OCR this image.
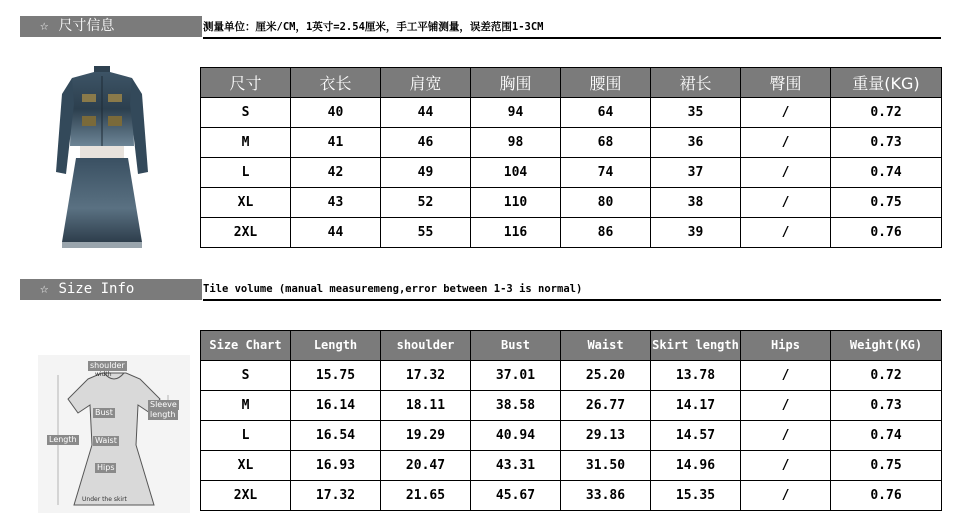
☆ 尺寸信息	测量单位：厘米/CM，1英寸=2.54厘米，手工平铺测量，误差范围1-3CM
尺寸	衣长	肩宽	胸围	腰围	裙长	臀围	重量(KG)
S	40	44	94	64	35	/	0.72
M	41	46	98	68	36	/	0.73
L	42	49	104	74	37	/	0.74
XL	43	52	110	80	38	/	0.75
2XL	44	55	116	86	39	/	0.76
☆ Size Info	Tile volume (manual measuremeng,error between 1-3 is normal)
shoulder
width
Sleeve
length
Bust
Length Waist
Hips
Under the skirt
Size Chart	Length	shoulder	Bust	Waist	Skirt length	Hips	Weight(KG)
S	15.75	17.32	37.01	25.20	13.78	/	0.72
M	16.14	18.11	38.58	26.77	14.17	/	0.73
L	16.54	19.29	40.94	29.13	14.57	/	0.74
XL	16.93	20.47	43.31	31.50	14.96	/	0.75
2XL	17.32	21.65	45.67	33.86	15.35	/	0.76
